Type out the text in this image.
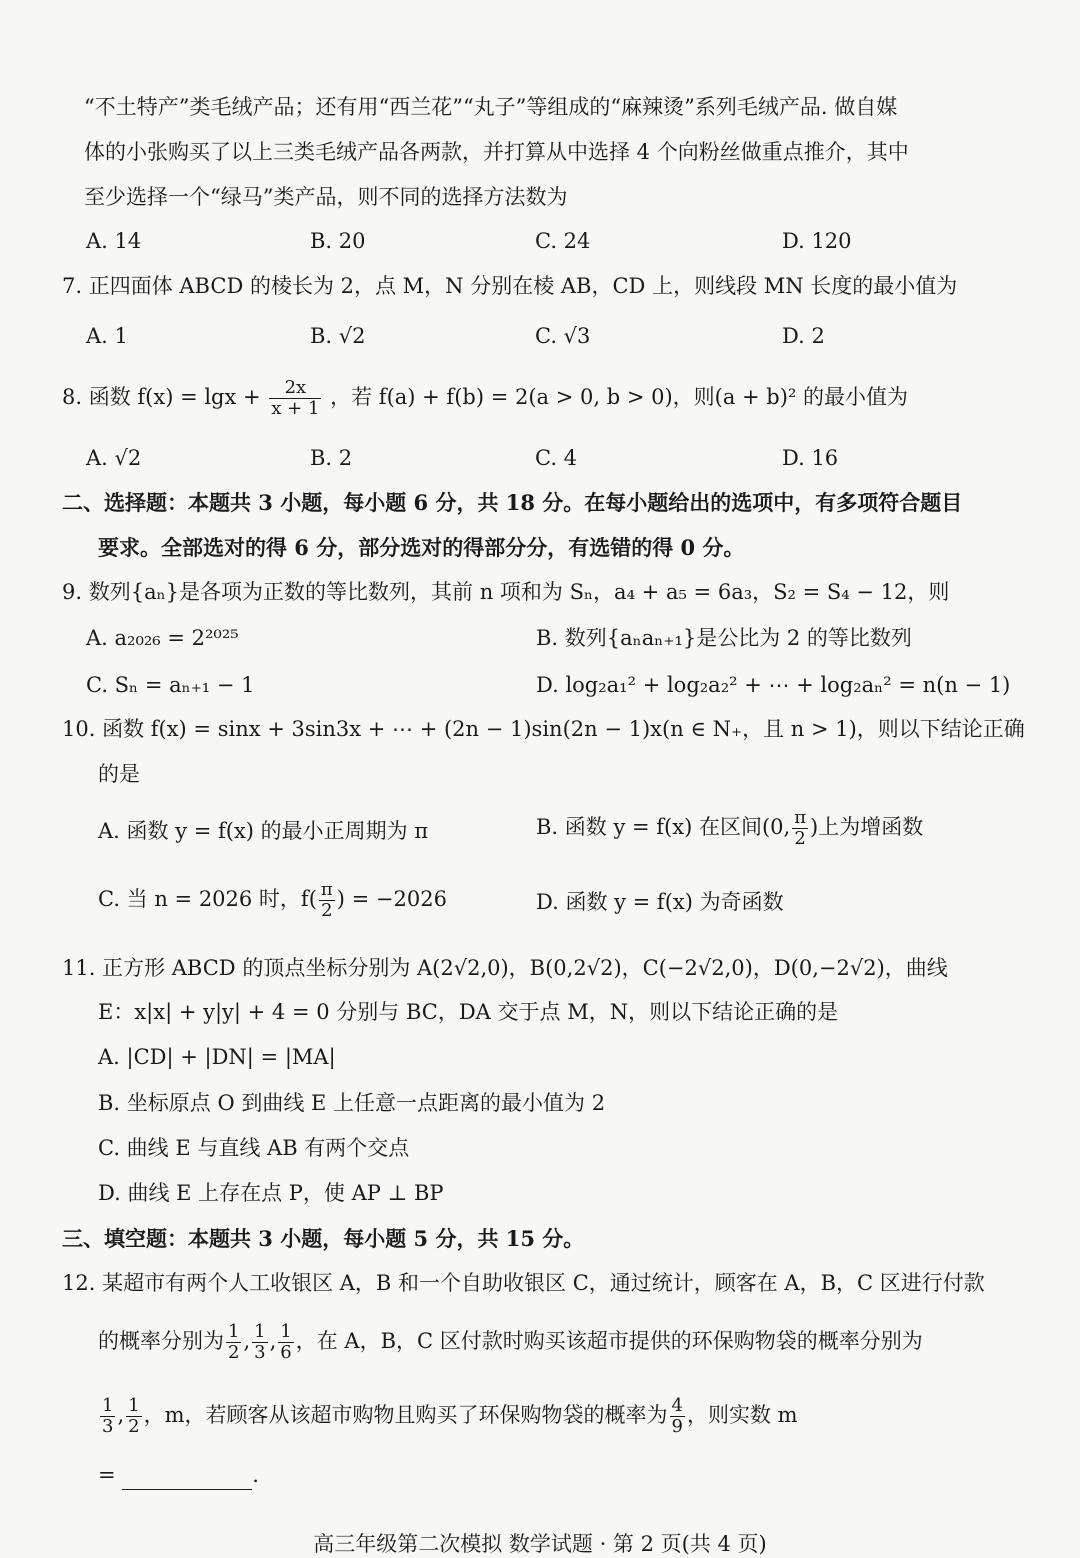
“不土特产”类毛绒产品；还有用“西兰花”“丸子”等组成的“麻辣烫”系列毛绒产品. 做自媒
体的小张购买了以上三类毛绒产品各两款，并打算从中选择 4 个向粉丝做重点推介，其中
至少选择一个“绿马”类产品，则不同的选择方法数为
A. 14	B. 20	C. 24	D. 120
7. 正四面体 ABCD 的棱长为 2，点 M，N 分别在棱 AB，CD 上，则线段 MN 长度的最小值为
A. 1	B. √2	C. √3	D. 2
8. 函数 $f(x) = \lg x + \frac{2x}{x + 1}$ ，若 f(a) + f(b) = 2(a > 0, b > 0)，则(a + b)² 的最小值为
A. √2	B. 2	C. 4	D. 16
二、选择题：本题共 3 小题，每小题 6 分，共 18 分。在每小题给出的选项中，有多项符合题目
要求。全部选对的得 6 分，部分选对的得部分分，有选错的得 0 分。
9. 数列{aₙ}是各项为正数的等比数列，其前 n 项和为 Sₙ，a₄ + a₅ = 6a₃，S₂ = S₄ − 12，则
A. a₂₀₂₆ = 2²⁰²⁵	B. 数列{aₙaₙ₊₁}是公比为 2 的等比数列
C. Sₙ = aₙ₊₁ − 1	D. log₂a₁² + log₂a₂² + ⋯ + log₂aₙ² = n(n − 1)
10. 函数 f(x) = sinx + 3sin3x + ⋯ + (2n − 1)sin(2n − 1)x(n ∈ N₊，且 n > 1)，则以下结论正确
的是
A. 函数 y = f(x) 的最小正周期为 π	B. 函数 y = f(x) 在区间(0, $\frac{\pi}{2}$ )上为增函数
C. 当 n = 2026 时，$f( \frac{\pi}{2}$ ) = −2026	D. 函数 y = f(x) 为奇函数
11. 正方形 ABCD 的顶点坐标分别为 A(2√2,0)，B(0,2√2)，C(−2√2,0)，D(0,−2√2)，曲线
E：x|x| + y|y| + 4 = 0 分别与 BC，DA 交于点 M，N，则以下结论正确的是
A. |CD| + |DN| = |MA|
B. 坐标原点 O 到曲线 E 上任意一点距离的最小值为 2
C. 曲线 E 与直线 AB 有两个交点
D. 曲线 E 上存在点 P，使 AP ⊥ BP
三、填空题：本题共 3 小题，每小题 5 分，共 15 分。
12. 某超市有两个人工收银区 A，B 和一个自助收银区 C，通过统计，顾客在 A，B，C 区进行付款
的概率分别为 $\frac{1}{2}$ , $\frac{1}{3}$ , $\frac{1}{6}$ ，在 A，B，C 区付款时购买该超市提供的环保购物袋的概率分别为
$\frac{1}{3}$ , $\frac{1}{2}$ ，m，若顾客从该超市购物且购买了环保购物袋的概率为 $\frac{4}{9}$ ，则实数 m
=	.
高三年级第二次模拟 数学试题 · 第 2 页(共 4 页)
